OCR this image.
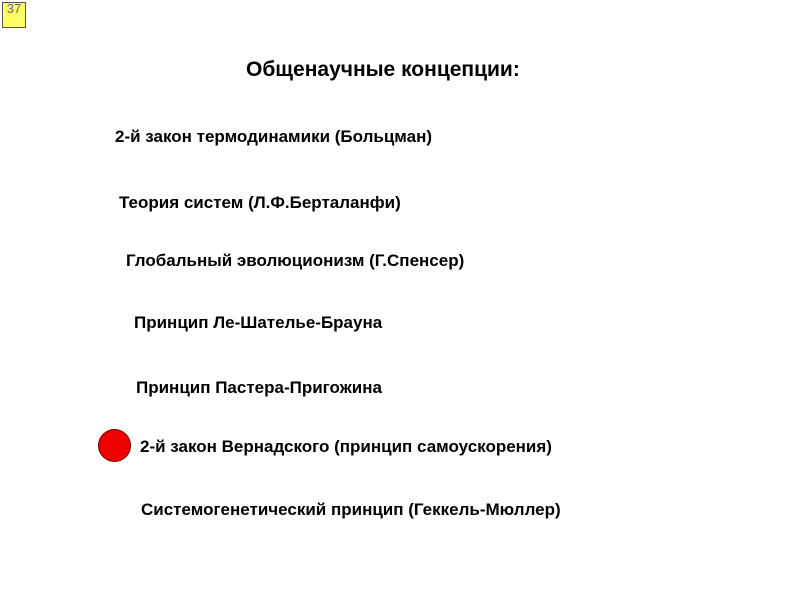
37
Общенаучные концепции:
2-й закон термодинамики (Больцман)
Теория систем (Л.Ф.Берталанфи)
Глобальный эволюционизм (Г.Спенсер)
Принцип Ле-Шателье-Брауна
Принцип Пастера-Пригожина
2-й закон Вернадского (принцип самоускорения)
Системогенетический принцип (Геккель-Мюллер)
